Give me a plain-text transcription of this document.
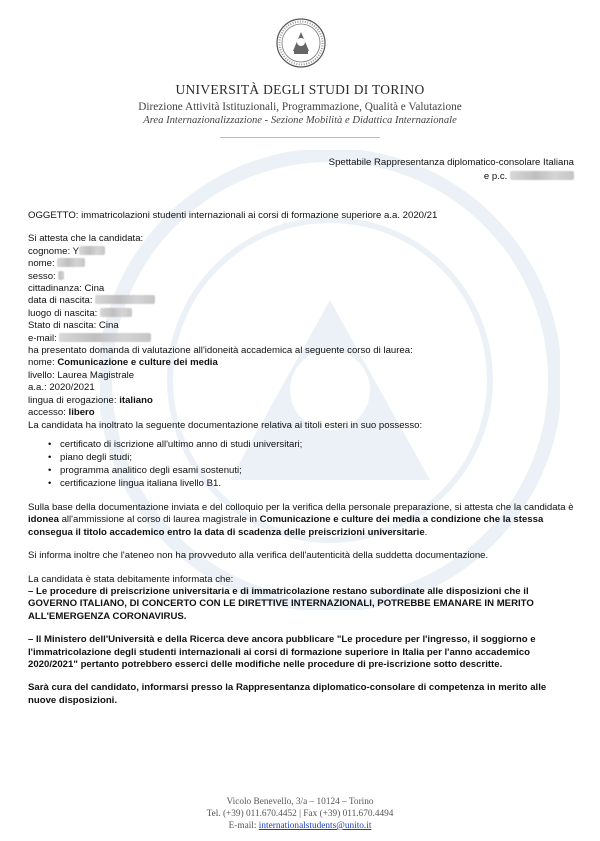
UNIVERSITÀ DEGLI STUDI DI TORINO
Direzione Attività Istituzionali, Programmazione, Qualità e Valutazione
Area Internazionalizzazione - Sezione Mobilità e Didattica Internazionale
Spettabile Rappresentanza diplomatico-consolare Italiana
e p.c.

OGGETTO: immatricolazioni studenti internazionali ai corsi di formazione superiore a.a. 2020/21

Si attesta che la candidata:

cognome: Y

nome:

sesso:

cittadinanza: Cina

data di nascita:

luogo di nascita:

Stato di nascita: Cina

e-mail:

ha presentato domanda di valutazione all'idoneità accademica al seguente corso di laurea:

nome: Comunicazione e culture dei media

livello: Laurea Magistrale

a.a.: 2020/2021

lingua di erogazione: italiano

accesso: libero

La candidata ha inoltrato la seguente documentazione relativa ai titoli esteri in suo possesso:

• certificato di iscrizione all'ultimo anno di studi universitari;
• piano degli studi;
• programma analitico degli esami sostenuti;
• certificazione lingua italiana livello B1.

Sulla base della documentazione inviata e del colloquio per la verifica della personale preparazione, si attesta che la candidata è idonea all'ammissione al corso di laurea magistrale in Comunicazione e culture dei media a condizione che la stessa consegua il titolo accademico entro la data di scadenza delle preiscrizioni universitarie.

Si informa inoltre che l'ateneo non ha provveduto alla verifica dell'autenticità della suddetta documentazione.

La candidata è stata debitamente informata che:

– Le procedure di preiscrizione universitaria e di immatricolazione restano subordinate alle disposizioni che il GOVERNO ITALIANO, DI CONCERTO CON LE DIRETTIVE INTERNAZIONALI, POTREBBE EMANARE IN MERITO ALL'EMERGENZA CORONAVIRUS.

– Il Ministero dell'Università e della Ricerca deve ancora pubblicare "Le procedure per l'ingresso, il soggiorno e l'immatricolazione degli studenti internazionali ai corsi di formazione superiore in Italia per l'anno accademico 2020/2021" pertanto potrebbero esserci delle modifiche nelle procedure di pre-iscrizione sotto descritte.

Sarà cura del candidato, informarsi presso la Rappresentanza diplomatico-consolare di competenza in merito alle nuove disposizioni.

Vicolo Benevello, 3/a – 10124 – Torino
Tel. (+39) 011.670.4452 | Fax (+39) 011.670.4494
E-mail: internationalstudents@unito.it
